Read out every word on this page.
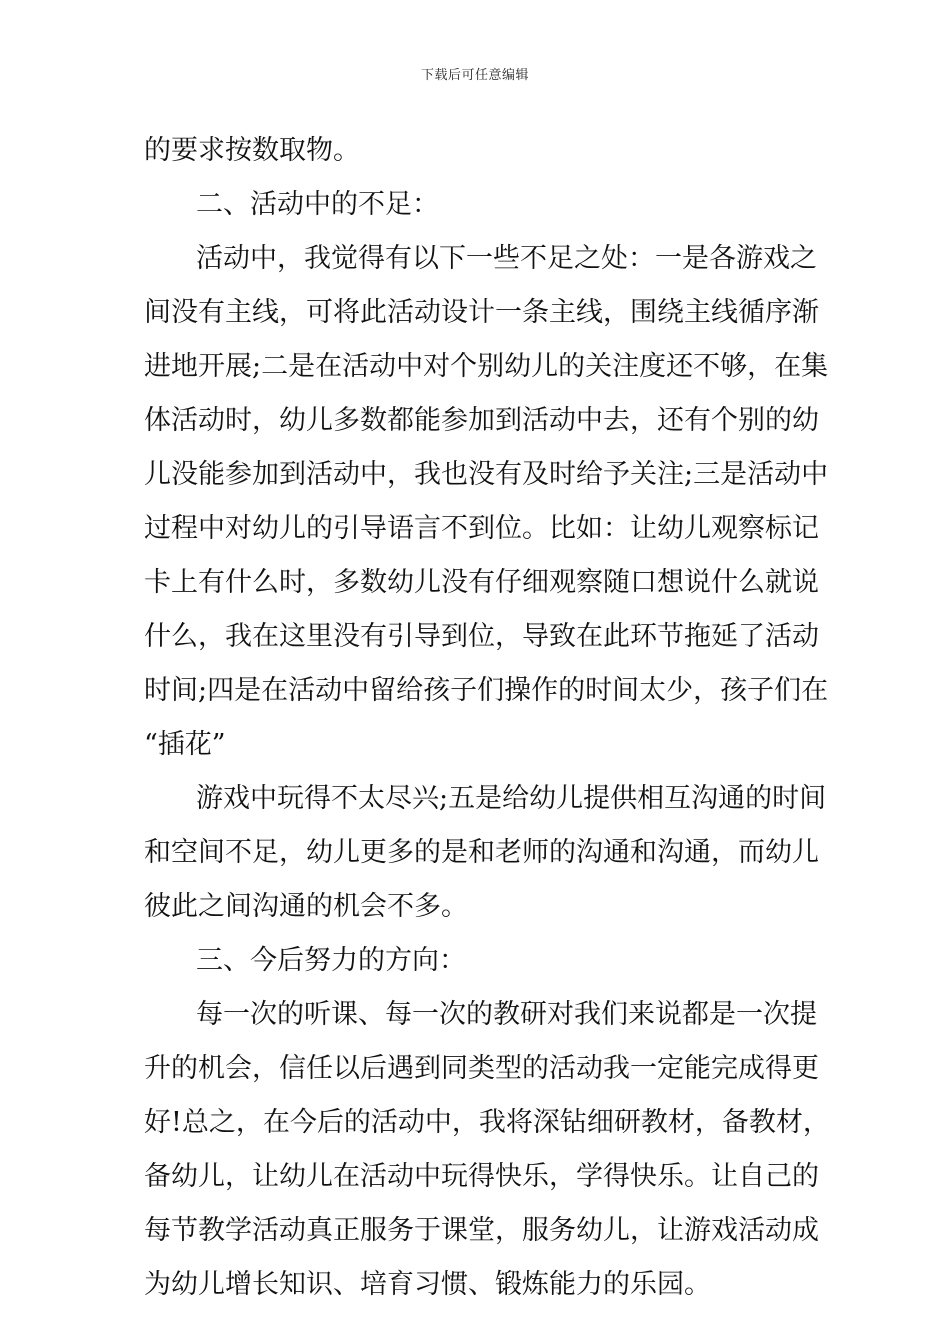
下载后可任意编辑
的要求按数取物。
二、活动中的不足：
活动中，我觉得有以下一些不足之处：一是各游戏之
间没有主线，可将此活动设计一条主线，围绕主线循序渐
进地开展;二是在活动中对个别幼儿的关注度还不够，在集
体活动时，幼儿多数都能参加到活动中去，还有个别的幼
儿没能参加到活动中，我也没有及时给予关注;三是活动中
过程中对幼儿的引导语言不到位。比如：让幼儿观察标记
卡上有什么时，多数幼儿没有仔细观察随口想说什么就说
什么，我在这里没有引导到位，导致在此环节拖延了活动
时间;四是在活动中留给孩子们操作的时间太少，孩子们在
“插花”
游戏中玩得不太尽兴;五是给幼儿提供相互沟通的时间
和空间不足，幼儿更多的是和老师的沟通和沟通，而幼儿
彼此之间沟通的机会不多。
三、今后努力的方向：
每一次的听课、每一次的教研对我们来说都是一次提
升的机会，信任以后遇到同类型的活动我一定能完成得更
好!总之，在今后的活动中，我将深钻细研教材，备教材，
备幼儿，让幼儿在活动中玩得快乐，学得快乐。让自己的
每节教学活动真正服务于课堂，服务幼儿，让游戏活动成
为幼儿增长知识、培育习惯、锻炼能力的乐园。
